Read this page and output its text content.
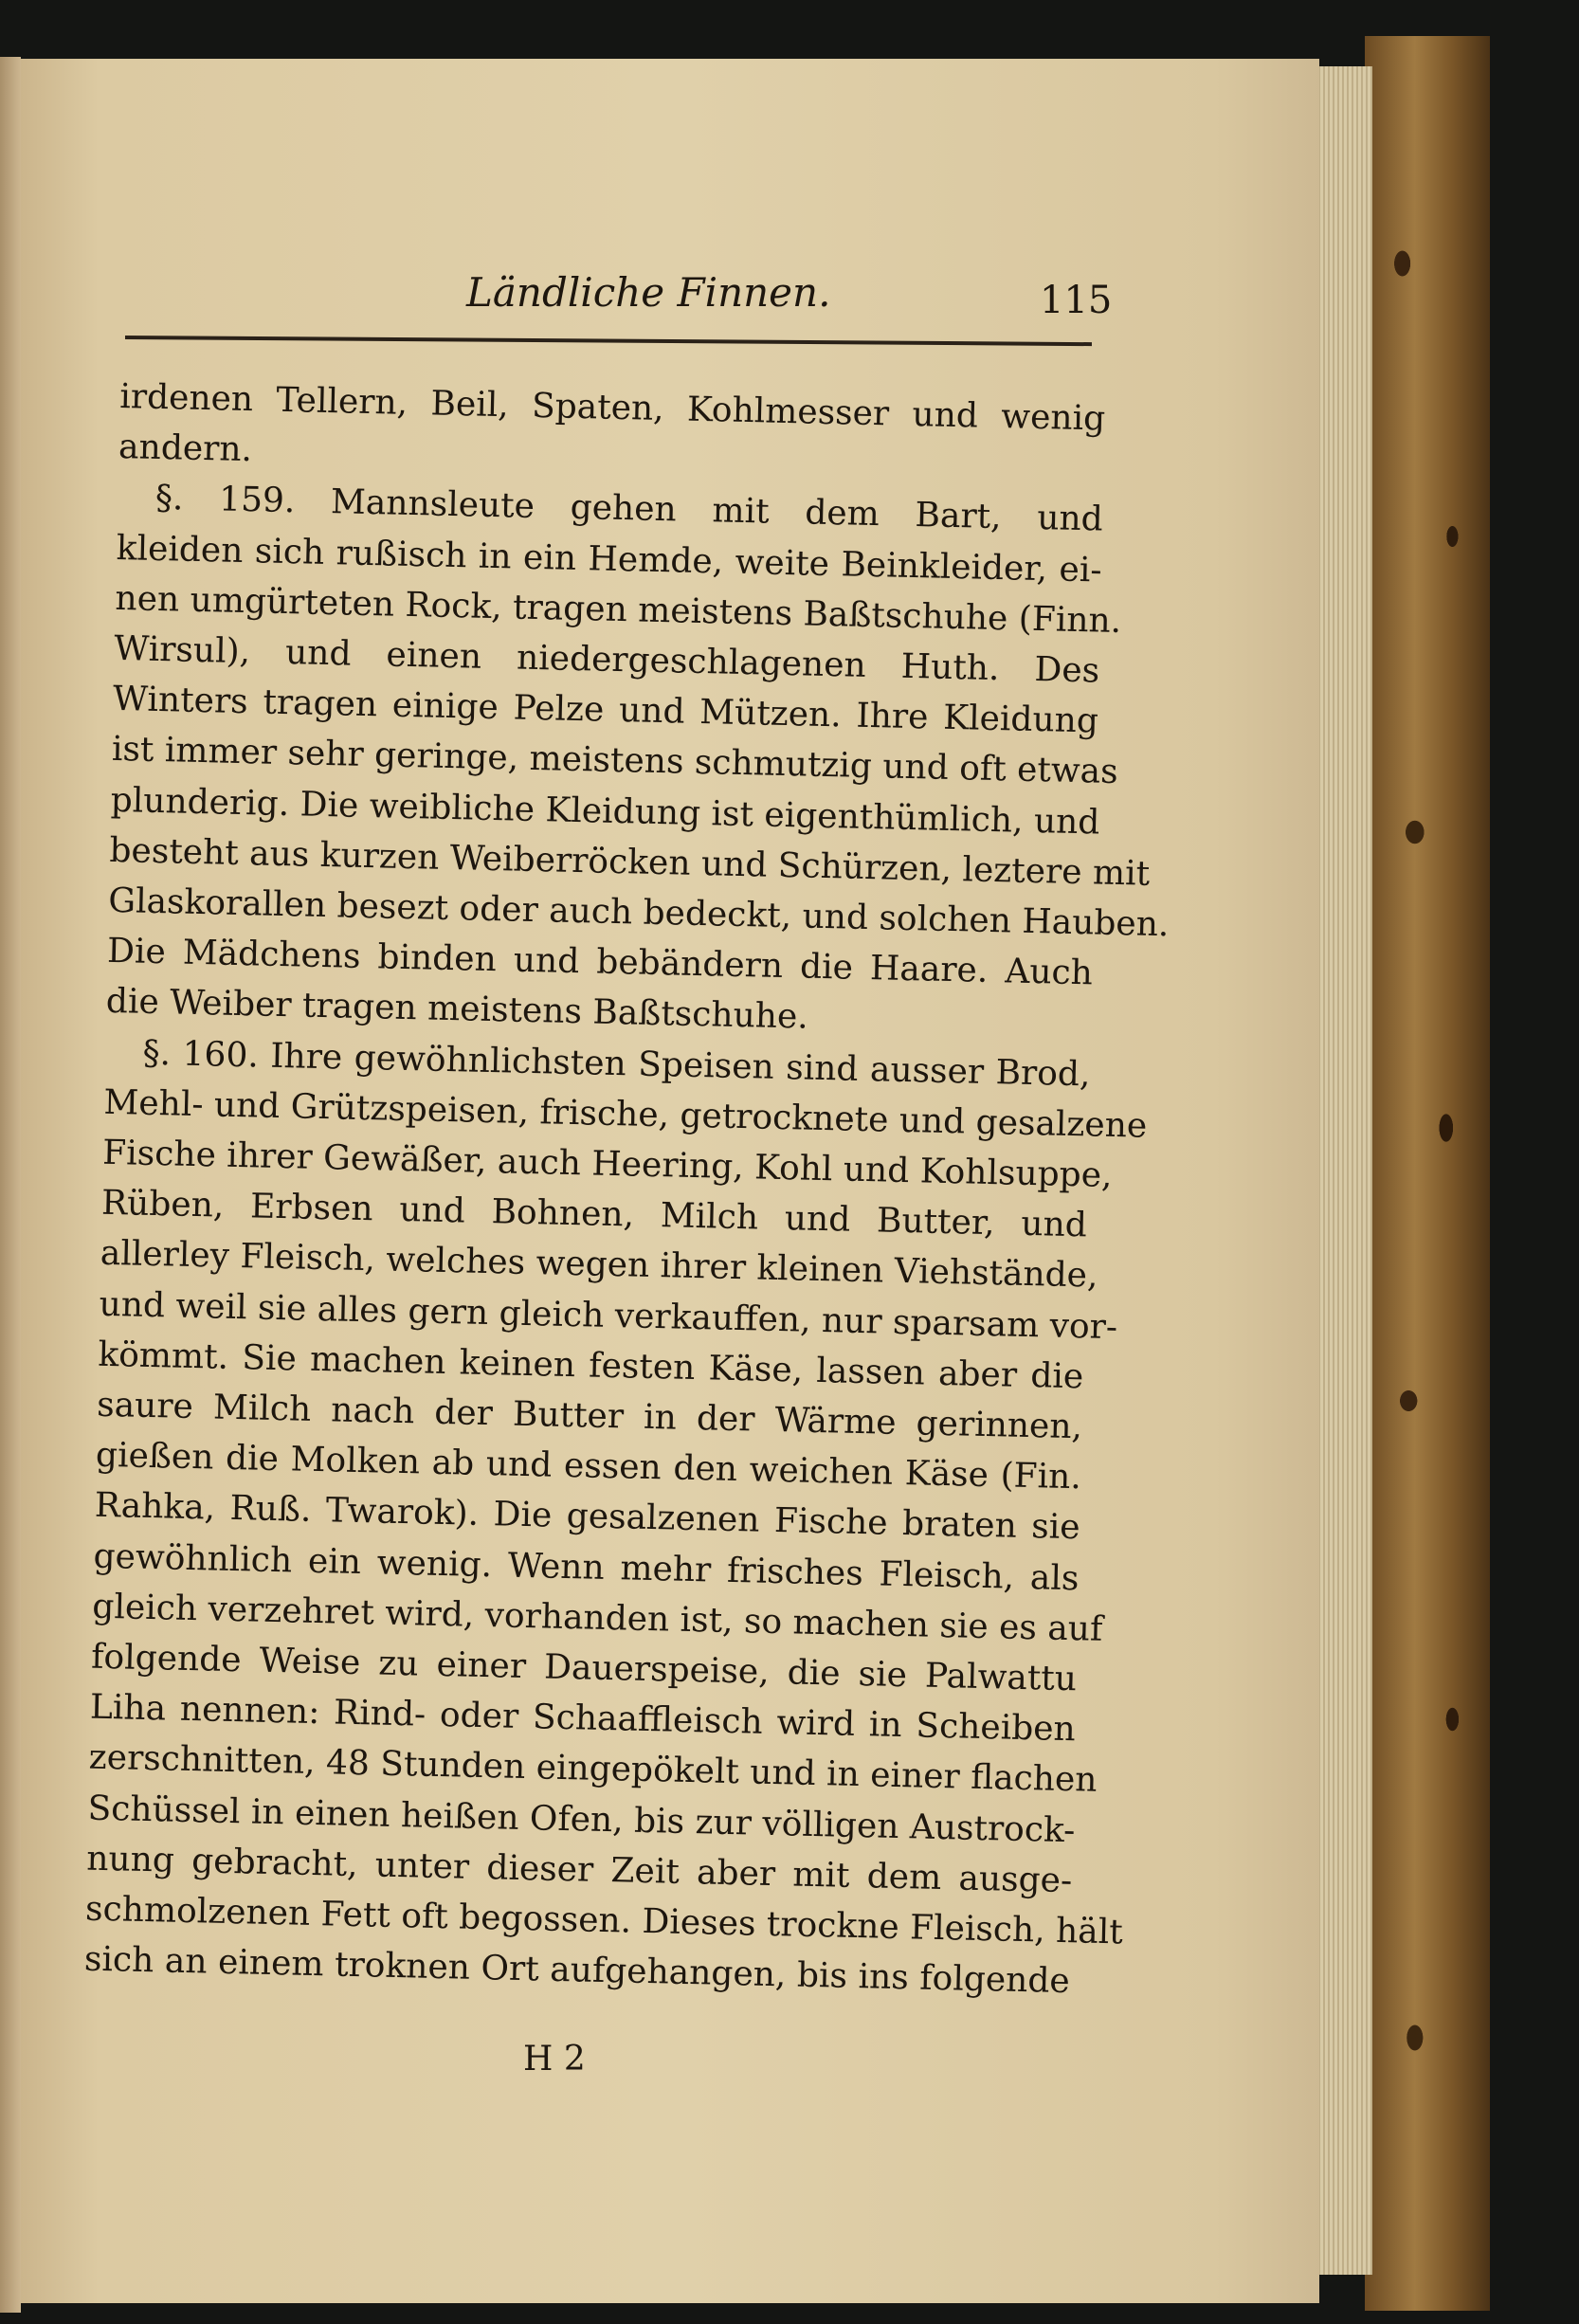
Ländliche Finnen.	115
irdenen Tellern, Beil, Spaten, Kohlmesser und wenig
andern.
§. 159. Mannsleute gehen mit dem Bart, und
kleiden sich rußisch in ein Hemde, weite Beinkleider, ei-
nen umgürteten Rock, tragen meistens Baßtschuhe (Finn.
Wirsul), und einen niedergeschlagenen Huth. Des
Winters tragen einige Pelze und Mützen. Ihre Kleidung
ist immer sehr geringe, meistens schmutzig und oft etwas
plunderig. Die weibliche Kleidung ist eigenthümlich, und
besteht aus kurzen Weiberröcken und Schürzen, leztere mit
Glaskorallen besezt oder auch bedeckt, und solchen Hauben.
Die Mädchens binden und bebändern die Haare. Auch
die Weiber tragen meistens Baßtschuhe.
§. 160. Ihre gewöhnlichsten Speisen sind ausser Brod,
Mehl- und Grützspeisen, frische, getrocknete und gesalzene
Fische ihrer Gewäßer, auch Heering, Kohl und Kohlsuppe,
Rüben, Erbsen und Bohnen, Milch und Butter, und
allerley Fleisch, welches wegen ihrer kleinen Viehstände,
und weil sie alles gern gleich verkauffen, nur sparsam vor-
kömmt. Sie machen keinen festen Käse, lassen aber die
saure Milch nach der Butter in der Wärme gerinnen,
gießen die Molken ab und essen den weichen Käse (Fin.
Rahka, Ruß. Twarok). Die gesalzenen Fische braten sie
gewöhnlich ein wenig. Wenn mehr frisches Fleisch, als
gleich verzehret wird, vorhanden ist, so machen sie es auf
folgende Weise zu einer Dauerspeise, die sie Palwattu
Liha nennen: Rind- oder Schaaffleisch wird in Scheiben
zerschnitten, 48 Stunden eingepökelt und in einer flachen
Schüssel in einen heißen Ofen, bis zur völligen Austrock-
nung gebracht, unter dieser Zeit aber mit dem ausge-
schmolzenen Fett oft begossen. Dieses trockne Fleisch, hält
sich an einem troknen Ort aufgehangen, bis ins folgende
H 2
